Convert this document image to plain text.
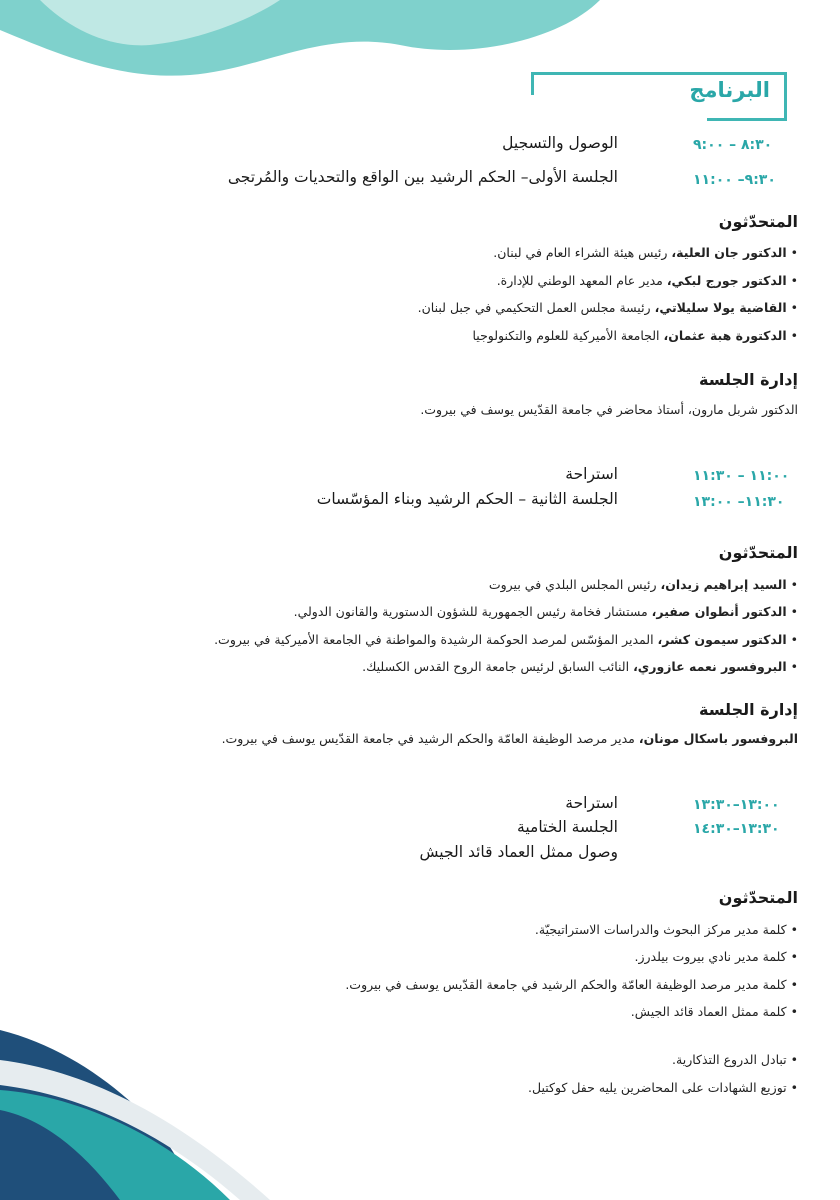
البرنامج
٨:٣٠ – ٩:٠٠
الوصول والتسجيل
٩:٣٠– ١١:٠٠
الجلسة الأولى– الحكم الرشيد بين الواقع والتحديات والمُرتجى
المتحدّثون
• الدكتور جان العلية، رئيس هيئة الشراء العام في لبنان.
• الدكتور جورج لبكي، مدير عام المعهد الوطني للإدارة.
• القاضية يولا سليلاتي، رئيسة مجلس العمل التحكيمي في جبل لبنان.
• الدكتورة هبة عثمان، الجامعة الأميركية للعلوم والتكنولوجيا
إدارة الجلسة
الدكتور شربل مارون، أستاذ محاضر في جامعة القدّيس يوسف في بيروت.
١١:٠٠ – ١١:٣٠
استراحة
١١:٣٠– ١٣:٠٠
الجلسة الثانية – الحكم الرشيد وبناء المؤسّسات
المتحدّثون
• السيد إبراهيم زيدان، رئيس المجلس البلدي في بيروت
• الدكتور أنطوان صفير، مستشار فخامة رئيس الجمهورية للشؤون الدستورية والقانون الدولي.
• الدكتور سيمون كشر، المدير المؤسّس لمرصد الحوكمة الرشيدة والمواطنة في الجامعة الأميركية في بيروت.
• البروفسور نعمه عازوري، النائب السابق لرئيس جامعة الروح القدس الكسليك.
إدارة الجلسة
البروفسور باسكال مونان، مدير مرصد الوظيفة العامّة والحكم الرشيد في جامعة القدّيس يوسف في بيروت.
١٣:٠٠–١٣:٣٠
استراحة
١٣:٣٠–١٤:٣٠
الجلسة الختامية
وصول ممثل العماد قائد الجيش
المتحدّثون
• كلمة مدير مركز البحوث والدراسات الاستراتيجيّة.
• كلمة مدير نادي بيروت بيلدرز.
• كلمة مدير مرصد الوظيفة العامّة والحكم الرشيد في جامعة القدّيس يوسف في بيروت.
• كلمة ممثل العماد قائد الجيش.
• تبادل الدروع التذكارية.
• توزيع الشهادات على المحاضرين يليه حفل كوكتيل.
